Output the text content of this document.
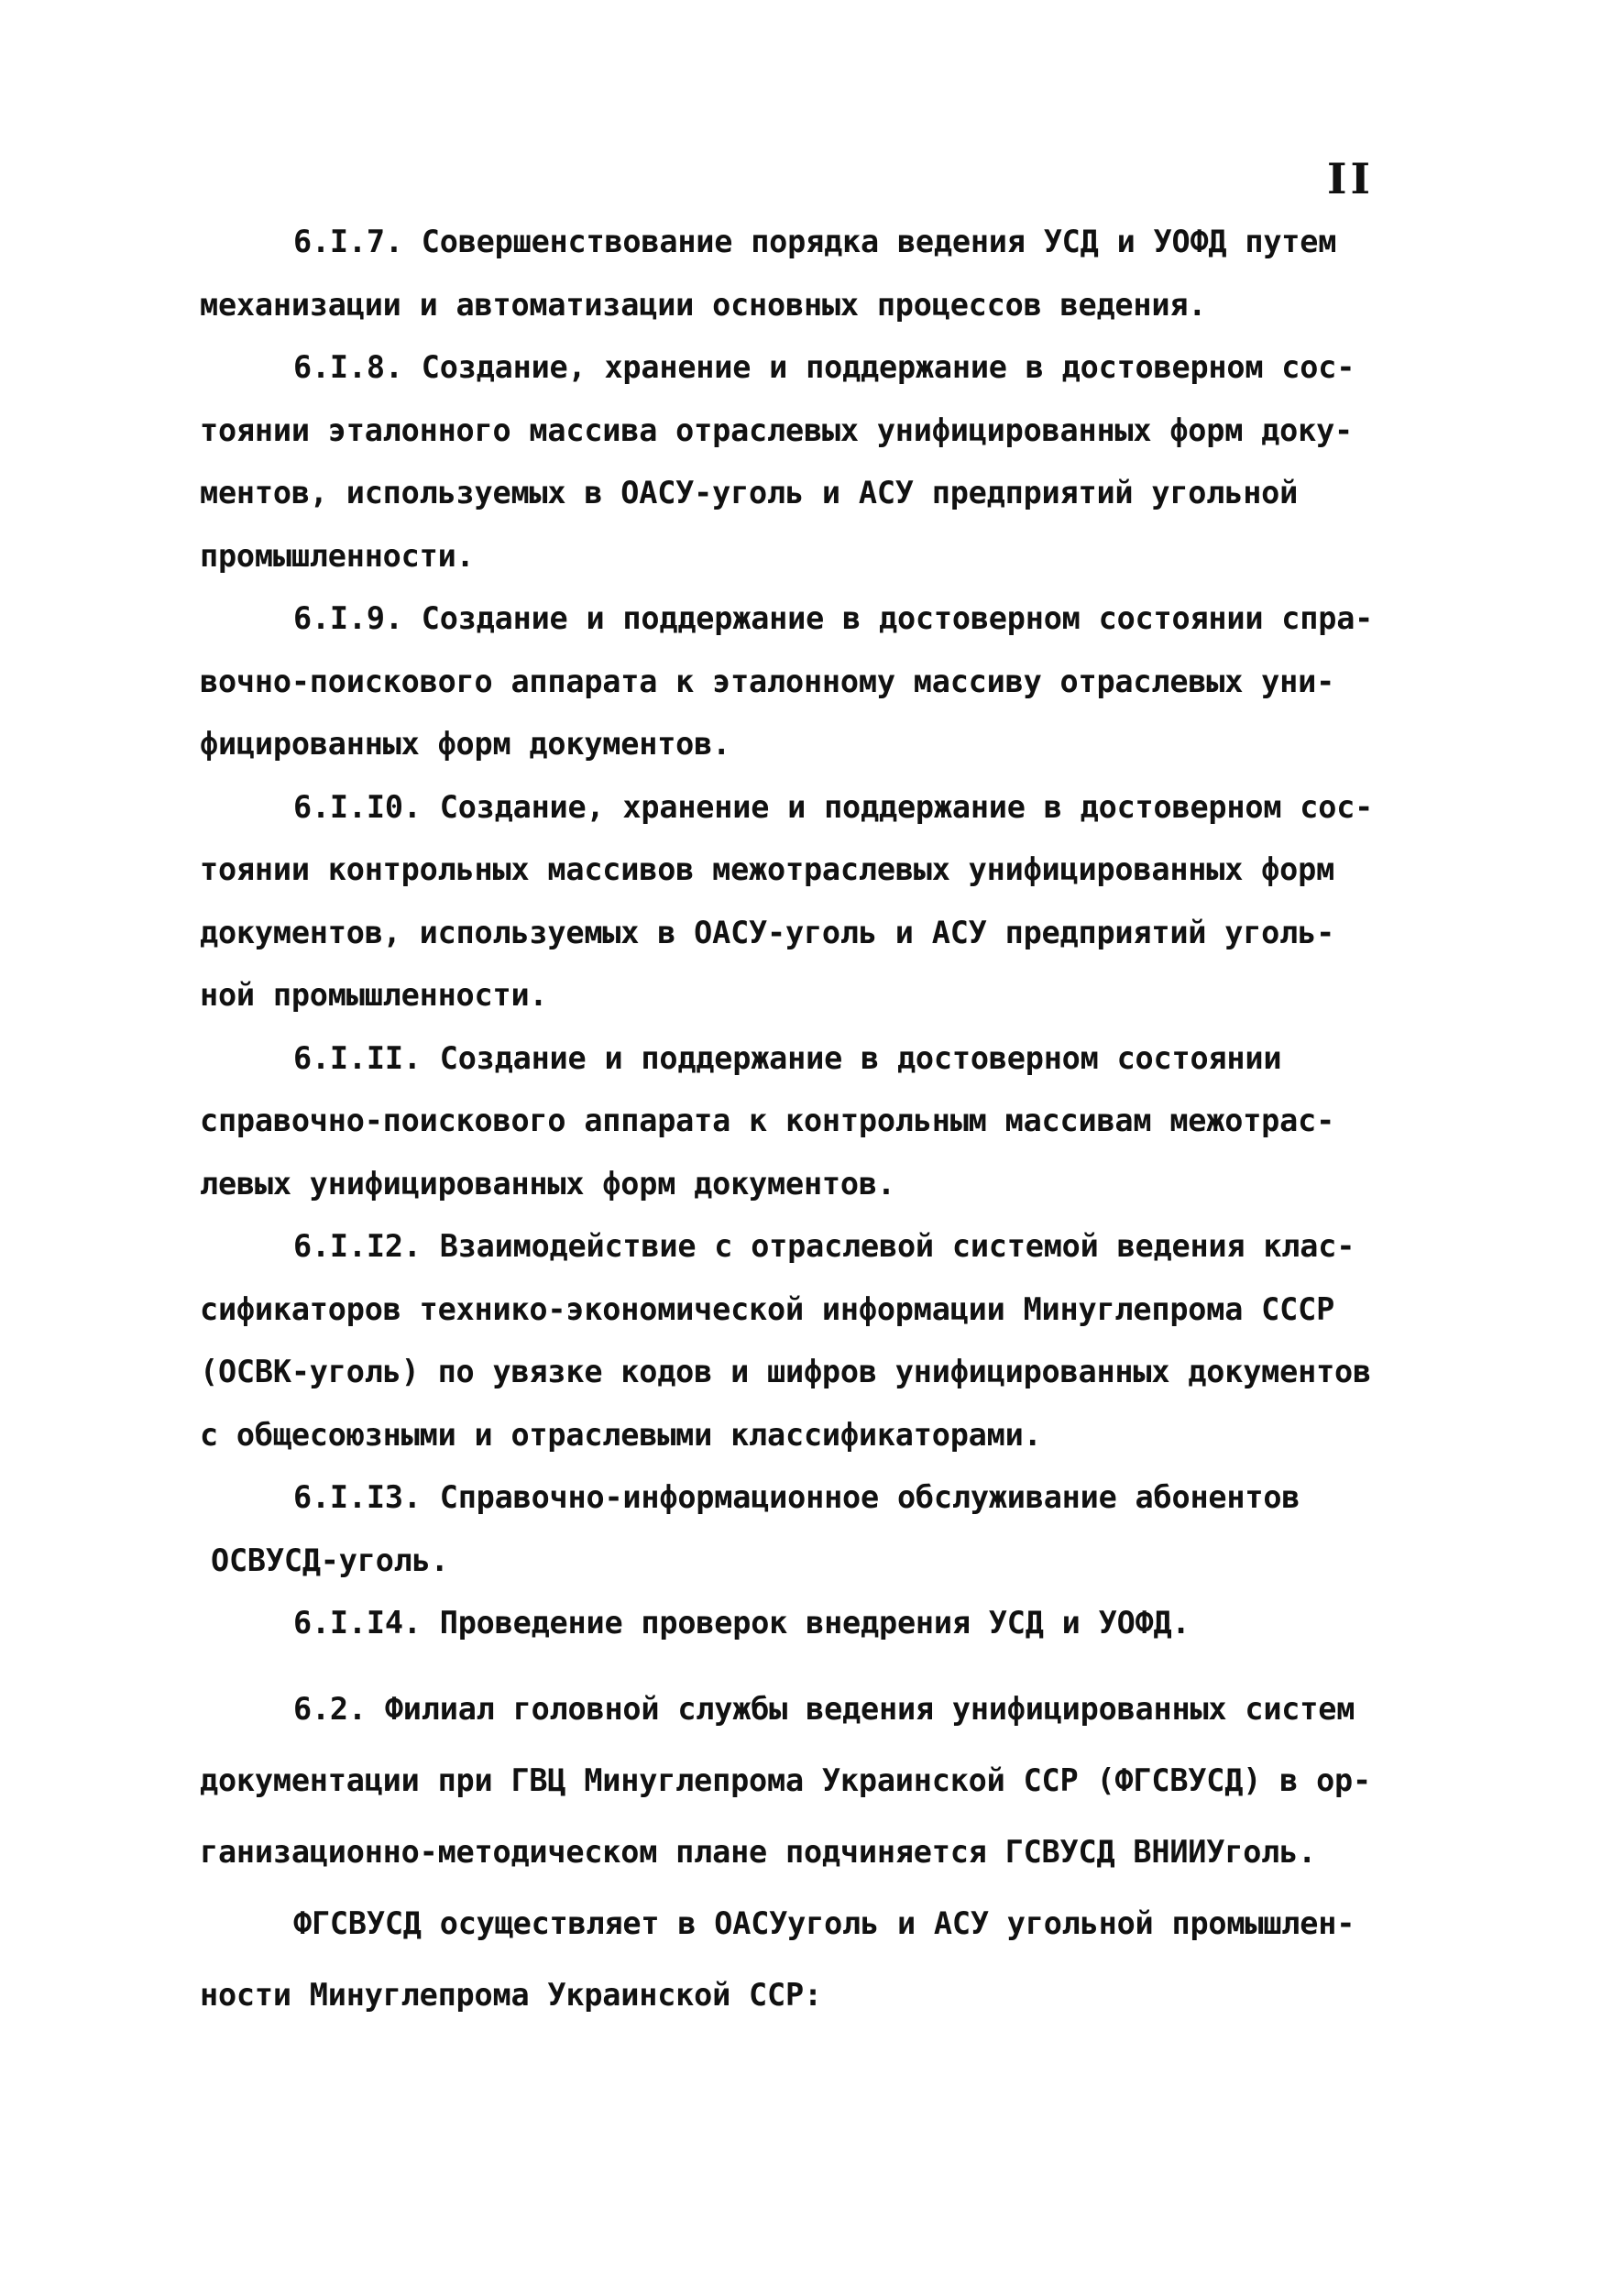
II
6.I.7. Совершенствование порядка ведения УСД и УОФД путем
механизации и автоматизации основных процессов ведения.
6.I.8. Создание, хранение и поддержание в достоверном сос-
тоянии эталонного массива отраслевых унифицированных форм доку-
ментов, используемых в ОАСУ-уголь и АСУ предприятий угольной
промышленности.
6.I.9. Создание и поддержание в достоверном состоянии спра-
вочно-поискового аппарата к эталонному массиву отраслевых уни-
фицированных форм документов.
6.I.I0. Создание, хранение и поддержание в достоверном сос-
тоянии контрольных массивов межотраслевых унифицированных форм
документов, используемых в ОАСУ-уголь и АСУ предприятий уголь-
ной промышленности.
6.I.II. Создание и поддержание в достоверном состоянии
справочно-поискового аппарата к контрольным массивам межотрас-
левых унифицированных форм документов.
6.I.I2. Взаимодействие с отраслевой системой ведения клас-
сификаторов технико-экономической информации Минуглепрома СССР
(ОСВК-уголь) по увязке кодов и шифров унифицированных документов
с общесоюзными и отраслевыми классификаторами.
6.I.I3. Справочно-информационное обслуживание абонентов
ОСВУСД-уголь.
6.I.I4. Проведение проверок внедрения УСД и УОФД.
6.2. Филиал головной службы ведения унифицированных систем
документации при ГВЦ Минуглепрома Украинской ССР (ФГСВУСД) в ор-
ганизационно-методическом плане подчиняется ГСВУСД ВНИИУголь.
ФГСВУСД осуществляет в ОАСУуголь и АСУ угольной промышлен-
ности Минуглепрома Украинской ССР:
